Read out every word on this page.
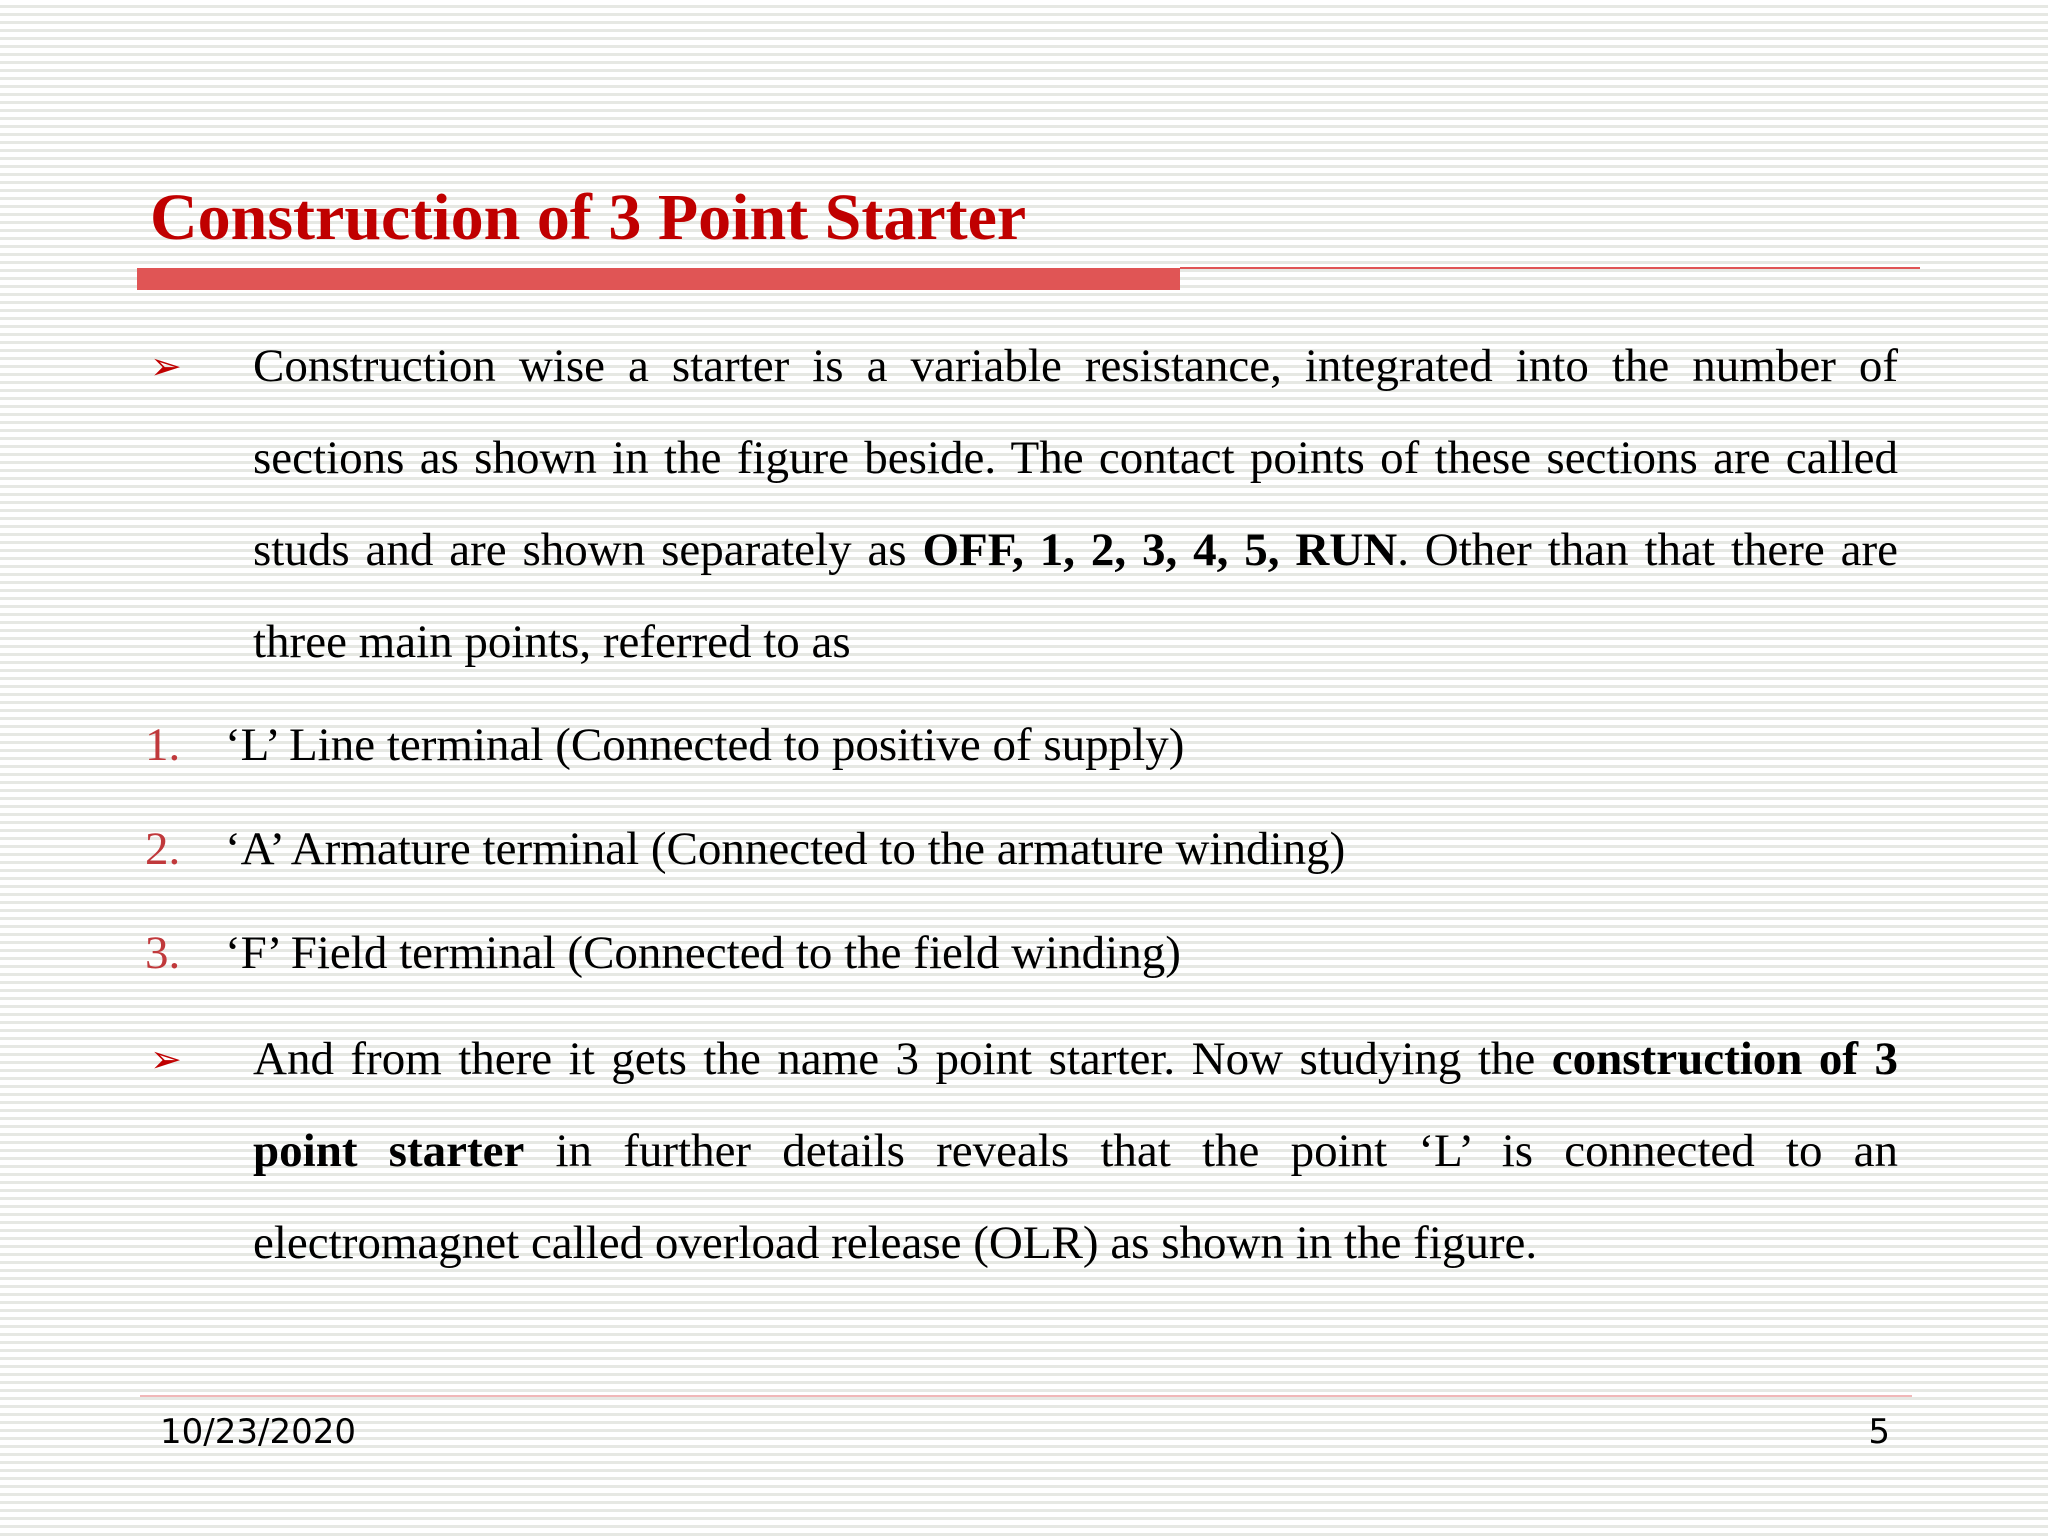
Construction of 3 Point Starter
➢ Construction wise a starter is a variable resistance, integrated into the number of sections as shown in the figure beside. The contact points of these sections are called studs and are shown separately as OFF, 1, 2, 3, 4, 5, RUN. Other than that there are three main points, referred to as
1. ‘L’ Line terminal (Connected to positive of supply)
2. ‘A’ Armature terminal (Connected to the armature winding)
3. ‘F’ Field terminal (Connected to the field winding)
➢ And from there it gets the name 3 point starter. Now studying the construction of 3 point starter in further details reveals that the point ‘L’ is connected to an electromagnet called overload release (OLR) as shown in the figure.
10/23/2020	5
